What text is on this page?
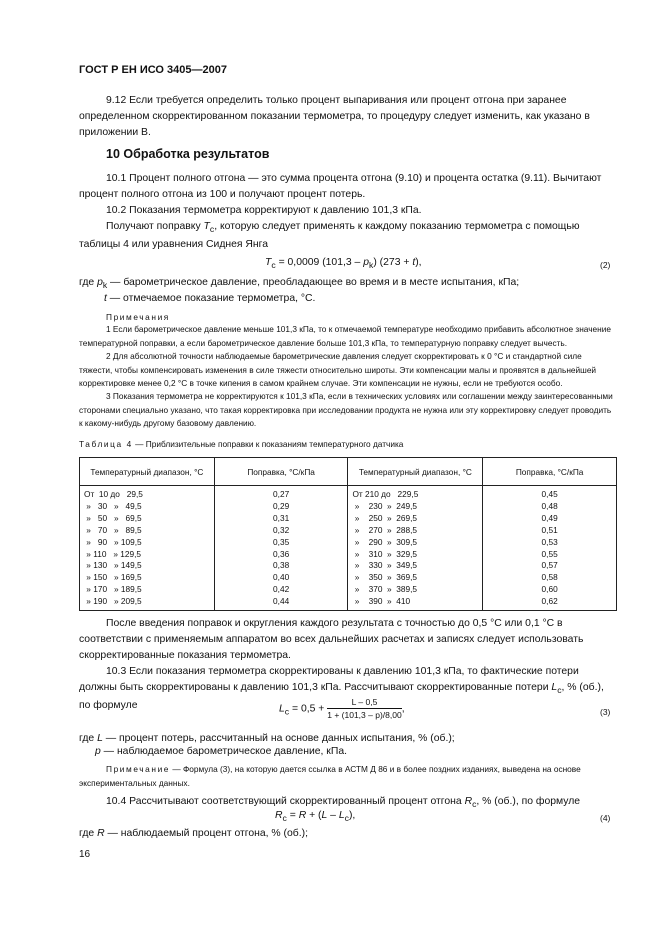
ГОСТ Р ЕН ИСО 3405—2007
9.12 Если требуется определить только процент выпаривания или процент отгона при заранее определенном скорректированном показании термометра, то процедуру следует изменить, как указано в приложении В.
10 Обработка результатов
10.1 Процент полного отгона — это сумма процента отгона (9.10) и процента остатка (9.11). Вычитают процент полного отгона из 100 и получают процент потерь.
10.2 Показания термометра корректируют к давлению 101,3 кПа.
Получают поправку $T_c$, которую следует применять к каждому показанию термометра с помощью таблицы 4 или уравнения Сиднея Янга
$T_c = 0,0009$ $(101,3 - p_k)$ (273 + t),	(2)
где $p_k$ — барометрическое давление, преобладающее во время и в месте испытания, кПа;
t — отмечаемое показание термометра, °С.
Примечания
1 Если барометрическое давление меньше 101,3 кПа, то к отмечаемой температуре необходимо прибавить абсолютное значение температурной поправки, а если барометрическое давление больше 101,3 кПа, то температурную поправку следует вычесть.
2 Для абсолютной точности наблюдаемые барометрические давления следует скорректировать к 0 °С и стандартной силе тяжести, чтобы компенсировать изменения в силе тяжести относительно широты. Эти компенсации малы и проявятся в дальнейшей корректировке менее 0,2 °С в точке кипения в самом крайнем случае. Эти компенсации не нужны, если не требуются особо.
3 Показания термометра не корректируются к 101,3 кПа, если в технических условиях или соглашении между заинтересованными сторонами специально указано, что такая корректировка при исследовании продукта не нужна или эту корректировку следует проводить к какому-нибудь другому базовому давлению.
Таблица 4 — Приблизительные поправки к показаниям температурного датчика
Температурный диапазон, °С	Поправка, °С/кПа	Температурный диапазон, °С	Поправка, °С/кПа
От  10 до   29,5	0,27	От 210 до   229,5	0,45
»   30   »   49,5	0,29	»    230  »  249,5	0,48
»   50   »   69,5	0,31	»    250  »  269,5	0,49
»   70   »   89,5	0,32	»    270  »  288,5	0,51
»   90   » 109,5	0,35	»    290  »  309,5	0,53
» 110   » 129,5	0,36	»    310  »  329,5	0,55
» 130   » 149,5	0,38	»    330  »  349,5	0,57
» 150   » 169,5	0,40	»    350  »  369,5	0,58
» 170   » 189,5	0,42	»    370  »  389,5	0,60
» 190   » 209,5	0,44	»    390  »  410	0,62
После введения поправок и округления каждого результата с точностью до 0,5 °С или 0,1 °С в соответствии с применяемым аппаратом во всех дальнейших расчетах и записях следует использовать скорректированные показания термометра.
10.3 Если показания термометра скорректированы к давлению 101,3 кПа, то фактические потери должны быть скорректированы к давлению 101,3 кПа. Рассчитывают скорректированные потери $L_c$, % (об.), по формуле	$L_c = 0,5 + \frac{L - 0,5}{1 + (101,3 - p)/8,00}$ ,	(3)
где L — процент потерь, рассчитанный на основе данных испытания, % (об.);
p — наблюдаемое барометрическое давление, кПа.
Примечание — Формула (3), на которую дается ссылка в АСТМ Д 86 и в более поздних изданиях, выведена на основе экспериментальных данных.
10.4 Рассчитывают соответствующий скорректированный процент отгона $R_c$, % (об.), по формуле
$R_c = R + (L - L_c)$,	(4)
где R — наблюдаемый процент отгона, % (об.);
16
